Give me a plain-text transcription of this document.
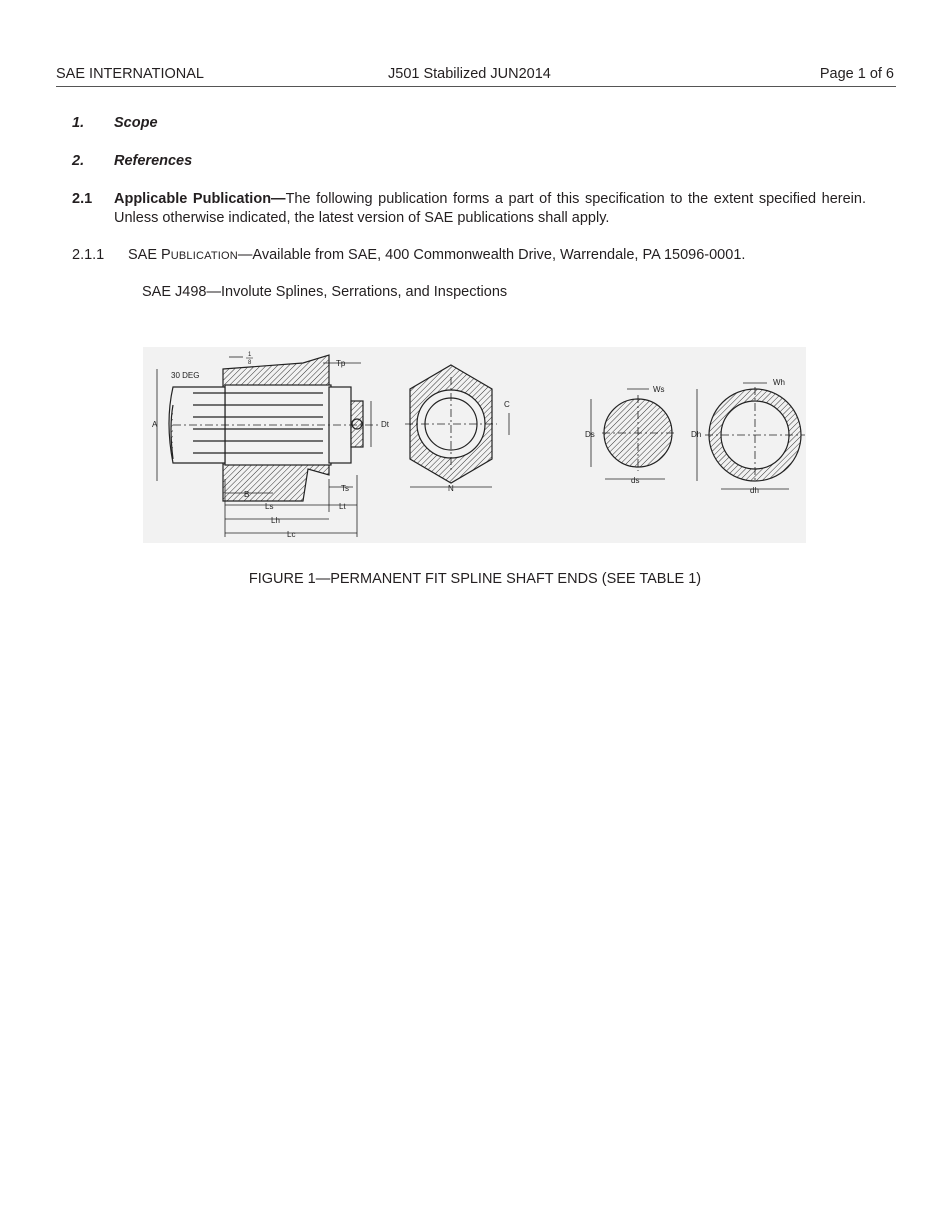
SAE INTERNATIONAL	J501 Stabilized JUN2014	Page 1 of 6
1. Scope
2. References
2.1 Applicable Publication—The following publication forms a part of this specification to the extent specified herein. Unless otherwise indicated, the latest version of SAE publications shall apply.
2.1.1 SAE PUBLICATION—Available from SAE, 400 Commonwealth Drive, Warrendale, PA 15096-0001.
SAE J498—Involute Splines, Serrations, and Inspections
30 DEG
1
8
A
B
Tp
Ts
Dt
Ls	Lt
Lh
Lc
C
N
Ws
Ds
ds
Wh
Dh
dh
FIGURE 1—PERMANENT FIT SPLINE SHAFT ENDS (SEE TABLE 1)
